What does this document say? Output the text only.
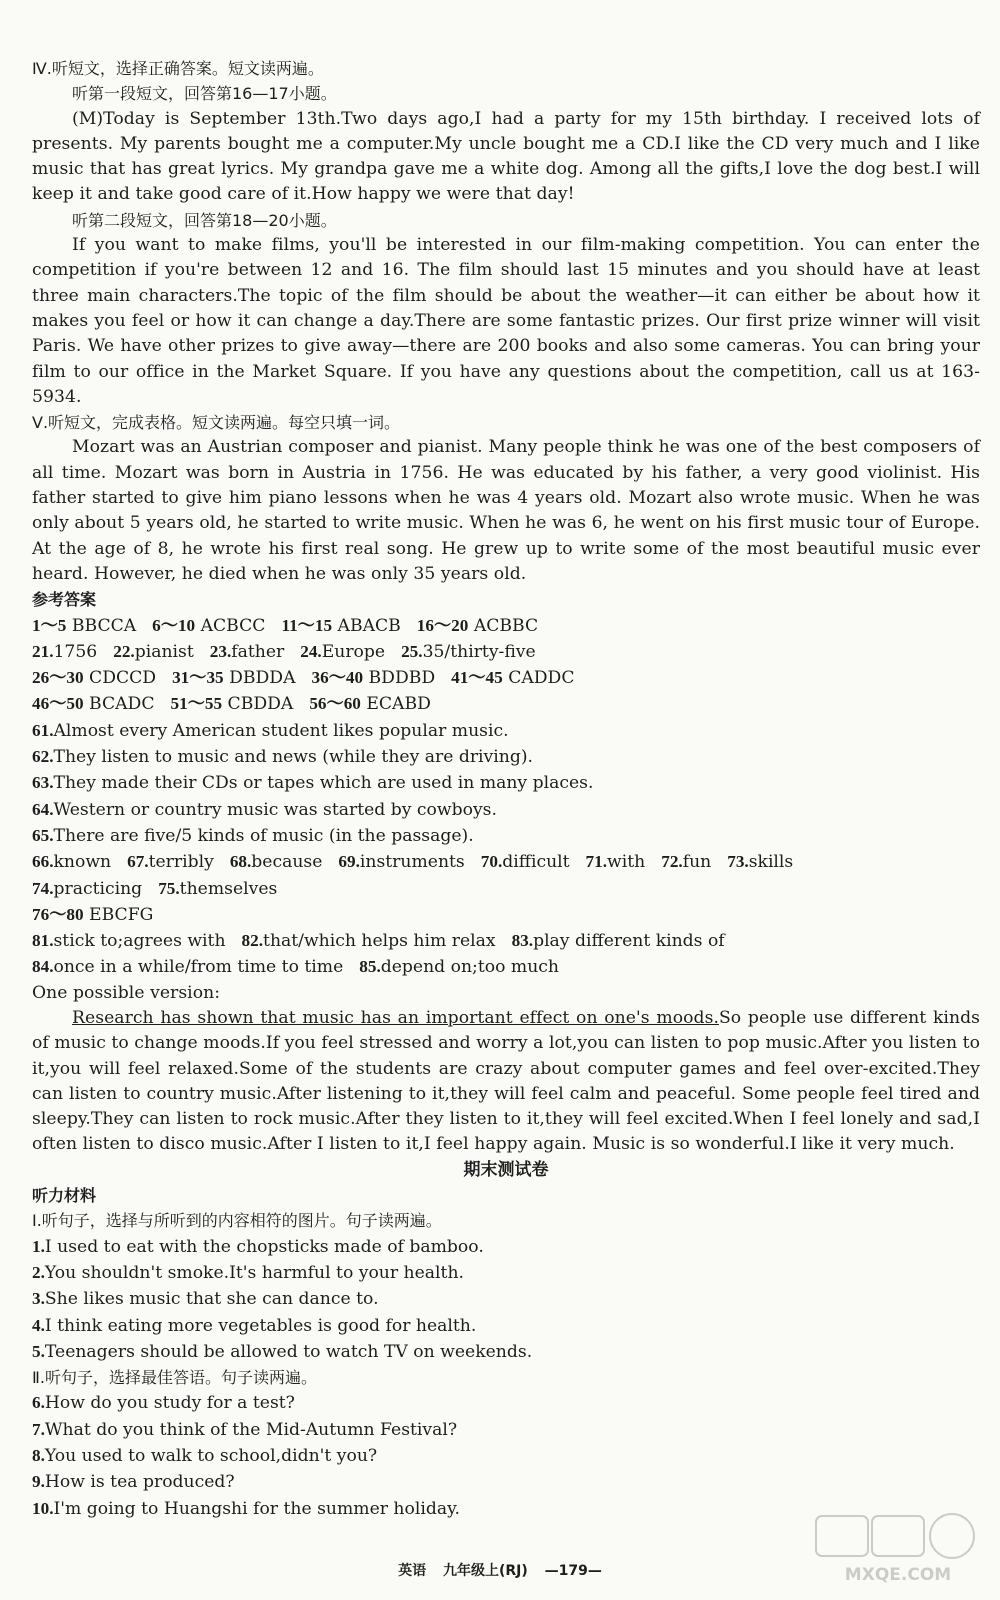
Ⅳ.听短文，选择正确答案。短文读两遍。

听第一段短文，回答第16—17小题。

(M)Today is September 13th.Two days ago,I had a party for my 15th birthday. I received lots of presents. My parents bought me a computer.My uncle bought me a CD.I like the CD very much and I like music that has great lyrics. My grandpa gave me a white dog. Among all the gifts,I love the dog best.I will keep it and take good care of it.How happy we were that day!

听第二段短文，回答第18—20小题。

If you want to make films, you'll be interested in our film-making competition. You can enter the competition if you're between 12 and 16. The film should last 15 minutes and you should have at least three main characters.The topic of the film should be about the weather—it can either be about how it makes you feel or how it can change a day.There are some fantastic prizes. Our first prize winner will visit Paris. We have other prizes to give away—there are 200 books and also some cameras. You can bring your film to our office in the Market Square. If you have any questions about the competition, call us at 163-5934.

Ⅴ.听短文，完成表格。短文读两遍。每空只填一词。

Mozart was an Austrian composer and pianist. Many people think he was one of the best composers of all time. Mozart was born in Austria in 1756. He was educated by his father, a very good violinist. His father started to give him piano lessons when he was 4 years old. Mozart also wrote music. When he was only about 5 years old, he started to write music. When he was 6, he went on his first music tour of Europe. At the age of 8, he wrote his first real song. He grew up to write some of the most beautiful music ever heard. However, he died when he was only 35 years old.

参考答案

1～5 BBCCA 6～10 ACBCC 11～15 ABACB 16～20 ACBBC

21.1756 22.pianist 23.father 24.Europe 25.35/thirty-five

26～30 CDCCD 31～35 DBDDA 36～40 BDDBD 41～45 CADDC

46～50 BCADC 51～55 CBDDA 56～60 ECABD

61.Almost every American student likes popular music.

62.They listen to music and news (while they are driving).

63.They made their CDs or tapes which are used in many places.

64.Western or country music was started by cowboys.

65.There are five/5 kinds of music (in the passage).

66.known 67.terribly 68.because 69.instruments 70.difficult 71.with 72.fun 73.skills

74.practicing 75.themselves

76～80 EBCFG

81.stick to;agrees with 82.that/which helps him relax 83.play different kinds of

84.once in a while/from time to time 85.depend on;too much

One possible version:

Research has shown that music has an important effect on one's moods.So people use different kinds of music to change moods.If you feel stressed and worry a lot,you can listen to pop music.After you listen to it,you will feel relaxed.Some of the students are crazy about computer games and feel over-excited.They can listen to country music.After listening to it,they will feel calm and peaceful. Some people feel tired and sleepy.They can listen to rock music.After they listen to it,they will feel excited.When I feel lonely and sad,I often listen to disco music.After I listen to it,I feel happy again. Music is so wonderful.I like it very much.

期末测试卷

听力材料

Ⅰ.听句子，选择与所听到的内容相符的图片。句子读两遍。

1.I used to eat with the chopsticks made of bamboo.

2.You shouldn't smoke.It's harmful to your health.

3.She likes music that she can dance to.

4.I think eating more vegetables is good for health.

5.Teenagers should be allowed to watch TV on weekends.

Ⅱ.听句子，选择最佳答语。句子读两遍。

6.How do you study for a test?

7.What do you think of the Mid-Autumn Festival?

8.You used to walk to school,didn't you?

9.How is tea produced?

10.I'm going to Huangshi for the summer holiday.

英语 九年级上(RJ) —179—	MXQE.COM
